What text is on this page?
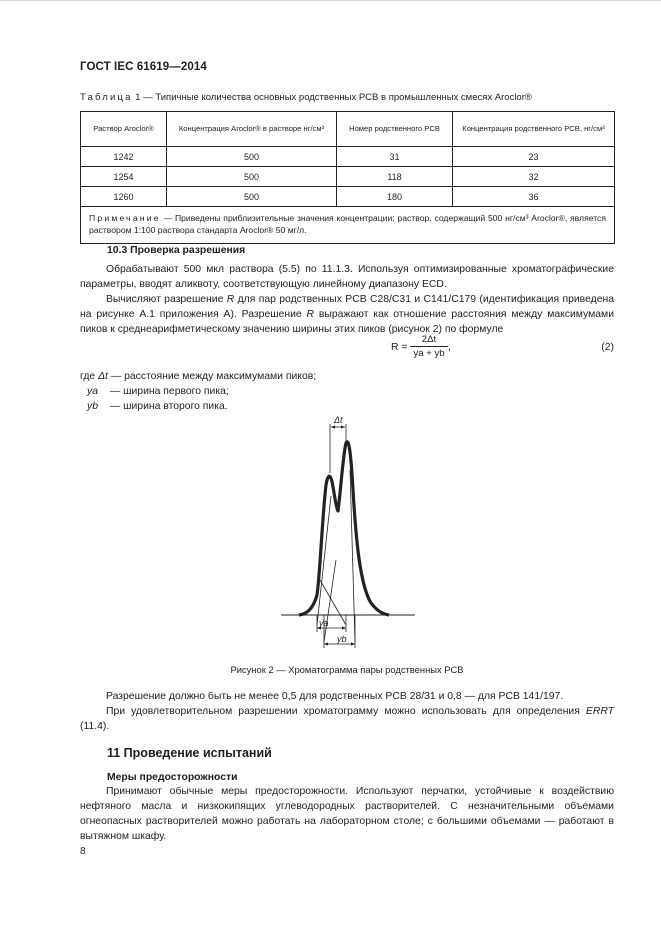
ГОСТ IEC 61619—2014
Таблица 1 — Типичные количества основных родственных PCB в промышленных смесях Aroclor®
Раствор Aroclor®	Концентрация Aroclor® в растворе нг/см³	Номер родственного PCB	Концентрация родственного PCB, нг/см³
1242	500	31	23
1254	500	118	32
1260	500	180	36
Примечание — Приведены приблизительные значения концентрации; раствор, содержащий 500 нг/см³ Aroclor®, является раствором 1:100 раствора стандарта Aroclor® 50 мг/л.			
10.3 Проверка разрешения
Обрабатывают 500 мкл раствора (5.5) по 11.1.3. Используя оптимизированные хроматографические параметры, вводят аликвоту, соответствующую линейному диапазону ECD.
Вычисляют разрешение R для пар родственных PCB C28/C31 и C141/C179 (идентификация приведена на рисунке А.1 приложения А). Разрешение R выражают как отношение расстояния между максимумами пиков к среднеарифметическому значению ширины этих пиков (рисунок 2) по формуле
$R = \frac{2\Delta t}{ya + yb}$ ,	(2)
где Δt — расстояние между максимумами пиков;
ya — ширина первого пика;
yb — ширина второго пика.
Δt
ya
yb
Рисунок 2 — Хроматограмма пары родственных PCB
Разрешение должно быть не менее 0,5 для родственных PCB 28/31 и 0,8 — для PCB 141/197.
При удовлетворительном разрешении хроматограмму можно использовать для определения ERRT (11.4).
11 Проведение испытаний
Меры предосторожности
Принимают обычные меры предосторожности. Используют перчатки, устойчивые к воздействию нефтяного масла и низкокипящих углеводородных растворителей. С незначительными объемами огнеопасных растворителей можно работать на лабораторном столе; с большими объемами — работают в вытяжном шкафу.
8
